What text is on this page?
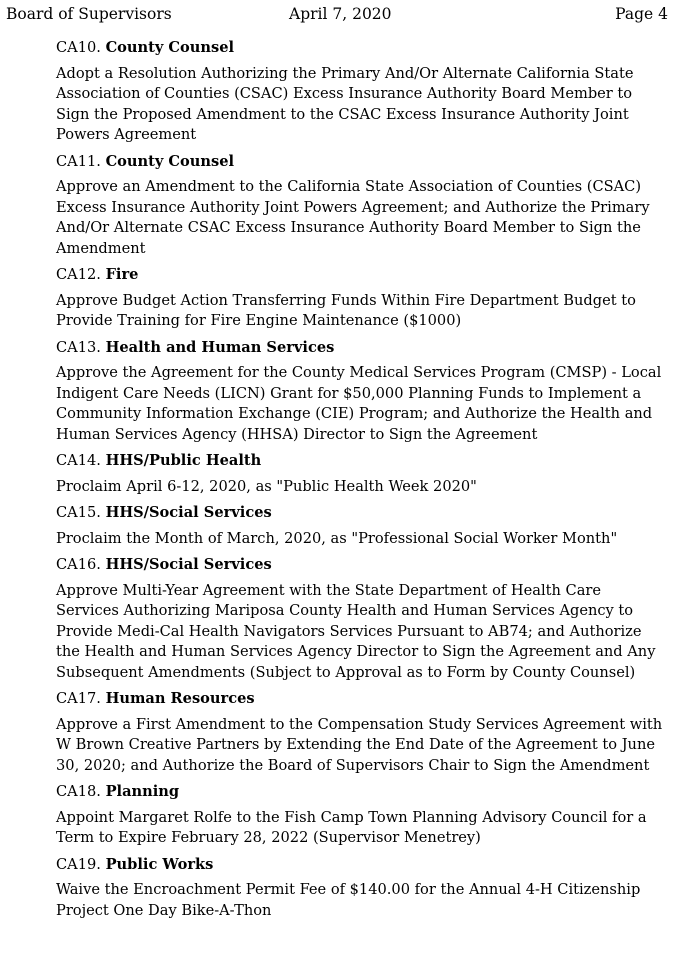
Board of Supervisors	April 7, 2020	Page 4
CA10. County Counsel

Adopt a Resolution Authorizing the Primary And/Or Alternate California State Association of Counties (CSAC) Excess Insurance Authority Board Member to Sign the Proposed Amendment to the CSAC Excess Insurance Authority Joint Powers Agreement

CA11. County Counsel

Approve an Amendment to the California State Association of Counties (CSAC) Excess Insurance Authority Joint Powers Agreement; and Authorize the Primary And/Or Alternate CSAC Excess Insurance Authority Board Member to Sign the Amendment

CA12. Fire

Approve Budget Action Transferring Funds Within Fire Department Budget to Provide Training for Fire Engine Maintenance ($1000)

CA13. Health and Human Services

Approve the Agreement for the County Medical Services Program (CMSP) - Local Indigent Care Needs (LICN) Grant for $50,000 Planning Funds to Implement a Community Information Exchange (CIE) Program; and Authorize the Health and Human Services Agency (HHSA) Director to Sign the Agreement

CA14. HHS/Public Health

Proclaim April 6-12, 2020, as "Public Health Week 2020"

CA15. HHS/Social Services

Proclaim the Month of March, 2020, as "Professional Social Worker Month"

CA16. HHS/Social Services

Approve Multi-Year Agreement with the State Department of Health Care Services Authorizing Mariposa County Health and Human Services Agency to Provide Medi-Cal Health Navigators Services Pursuant to AB74; and Authorize the Health and Human Services Agency Director to Sign the Agreement and Any Subsequent Amendments (Subject to Approval as to Form by County Counsel)

CA17. Human Resources

Approve a First Amendment to the Compensation Study Services Agreement with W Brown Creative Partners by Extending the End Date of the Agreement to June 30, 2020; and Authorize the Board of Supervisors Chair to Sign the Amendment

CA18. Planning

Appoint Margaret Rolfe to the Fish Camp Town Planning Advisory Council for a Term to Expire February 28, 2022 (Supervisor Menetrey)

CA19. Public Works

Waive the Encroachment Permit Fee of $140.00 for the Annual 4-H Citizenship Project One Day Bike-A-Thon
